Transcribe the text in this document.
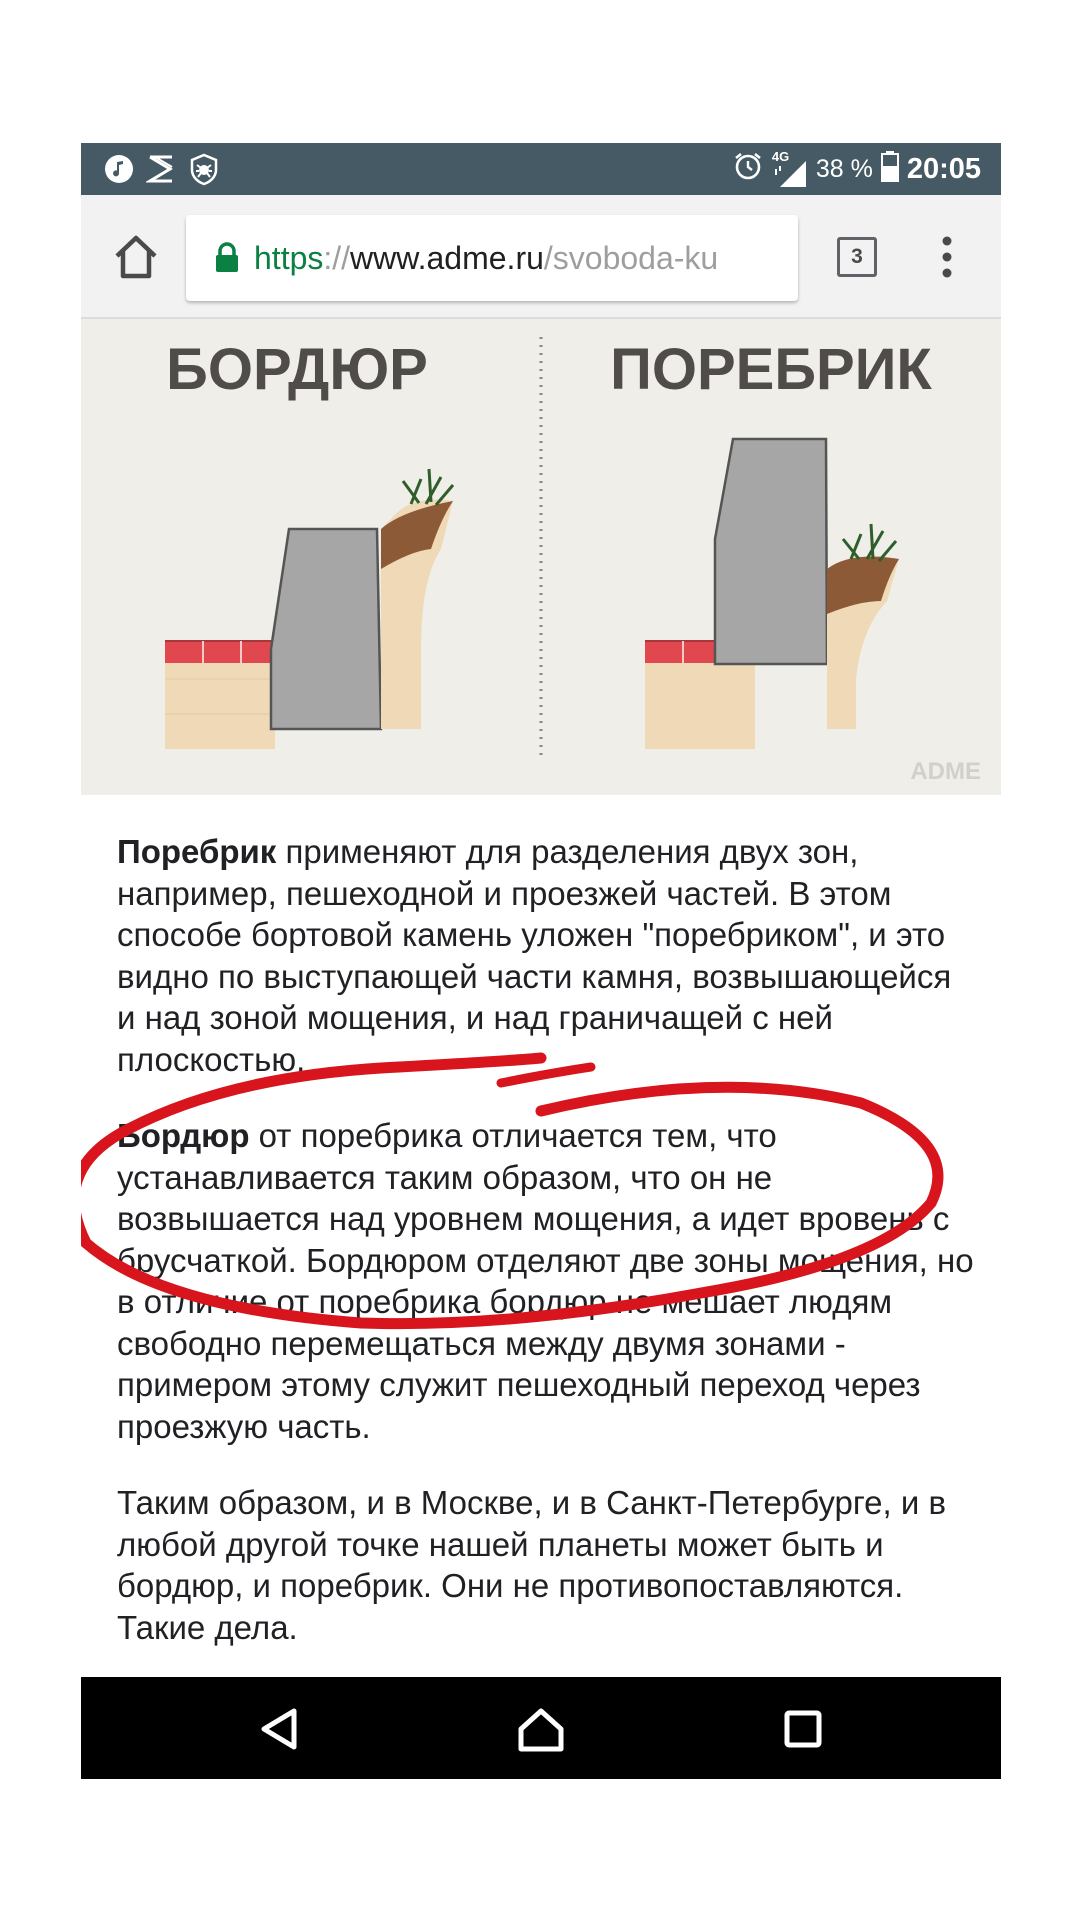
4G 38 % 20:05
https://www.adme.ru/svoboda-ku	3
БОРДЮР	ПОРЕБРИК
ADME

Поребрик применяют для разделения двух зон, например, пешеходной и проезжей частей. В этом способе бортовой камень уложен "поребриком", и это видно по выступающей части камня, возвышающейся и над зоной мощения, и над граничащей с ней плоскостью.

Бордюр от поребрика отличается тем, что устанавливается таким образом, что он не возвышается над уровнем мощения, а идет вровень с брусчаткой. Бордюром отделяют две зоны мощения, но в отличие от поребрика бордюр не мешает людям свободно перемещаться между двумя зонами - примером этому служит пешеходный переход через проезжую часть.

Таким образом, и в Москве, и в Санкт-Петербурге, и в любой другой точке нашей планеты может быть и бордюр, и поребрик. Они не противопоставляются. Такие дела.
